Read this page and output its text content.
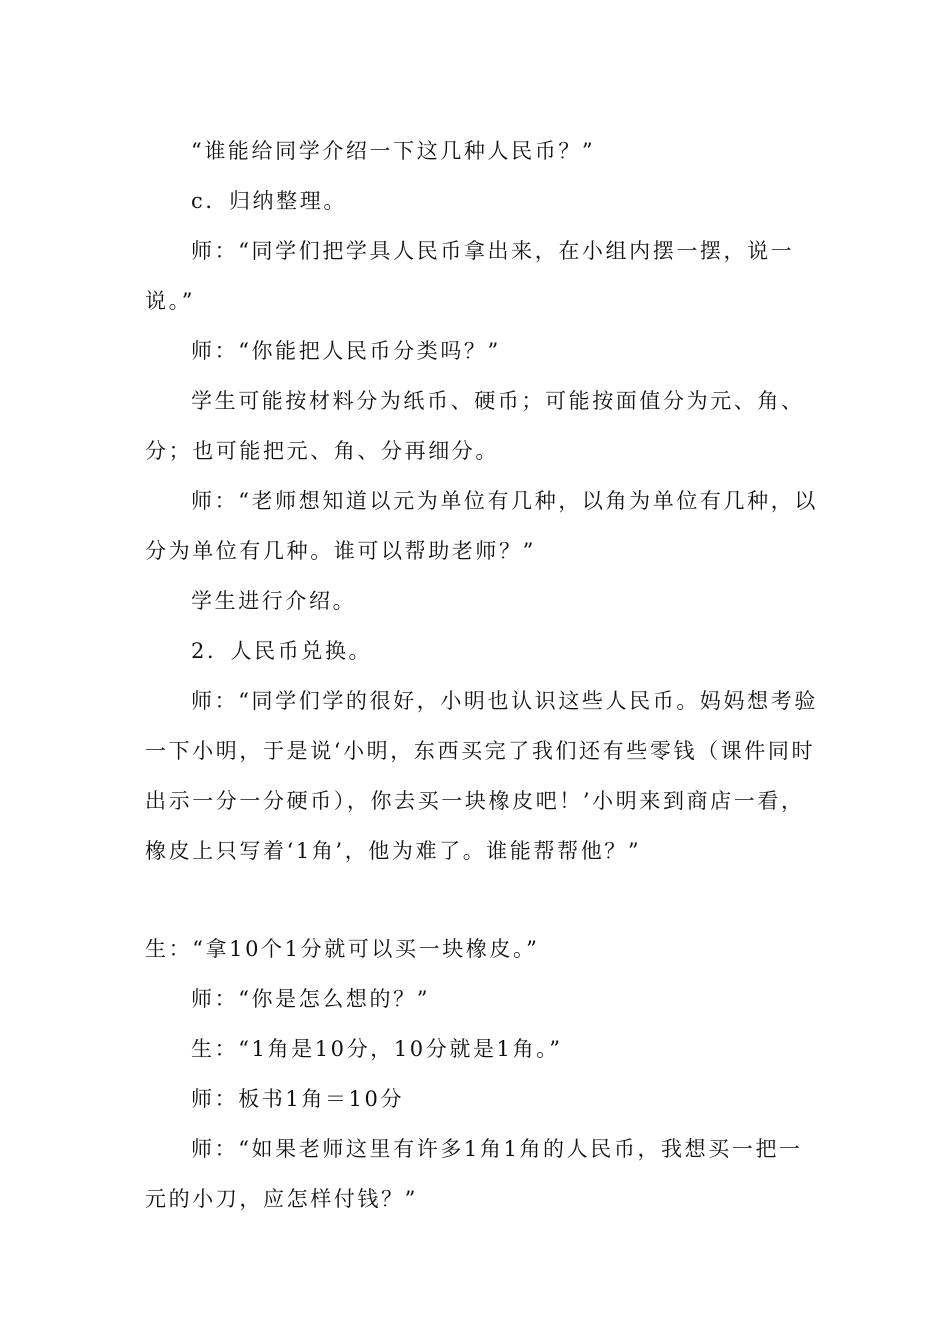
“谁能给同学介绍一下这几种人民币？”
c．归纳整理。
师：“同学们把学具人民币拿出来，在小组内摆一摆，说一
说。”
师：“你能把人民币分类吗？”
学生可能按材料分为纸币、硬币；可能按面值分为元、角、
分；也可能把元、角、分再细分。
师：“老师想知道以元为单位有几种，以角为单位有几种，以
分为单位有几种。谁可以帮助老师？”
学生进行介绍。
2．人民币兑换。
师：“同学们学的很好，小明也认识这些人民币。妈妈想考验
一下小明，于是说‘小明，东西买完了我们还有些零钱（课件同时
出示一分一分硬币），你去买一块橡皮吧！’小明来到商店一看，
橡皮上只写着‘1角’，他为难了。谁能帮帮他？”
生：“拿10个1分就可以买一块橡皮。”
师：“你是怎么想的？”
生：“1角是10分，10分就是1角。”
师：板书1角＝10分
师：“如果老师这里有许多1角1角的人民币，我想买一把一
元的小刀，应怎样付钱？”
